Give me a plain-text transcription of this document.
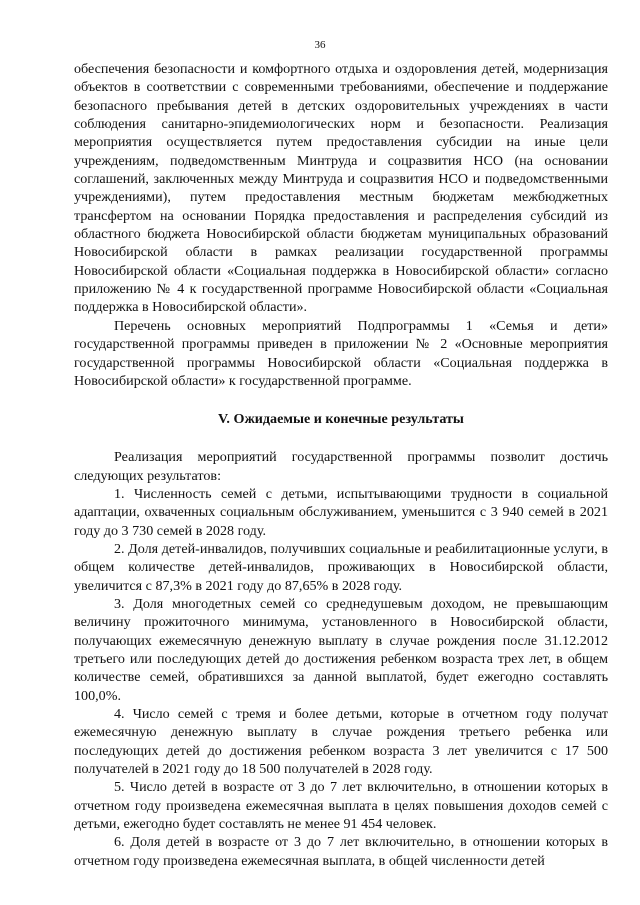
36

обеспечения безопасности и комфортного отдыха и оздоровления детей, модернизация объектов в соответствии с современными требованиями, обеспечение и поддержание безопасного пребывания детей в детских оздоровительных учреждениях в части соблюдения санитарно-эпидемиологических норм и безопасности. Реализация мероприятия осуществляется путем предоставления субсидии на иные цели учреждениям, подведомственным Минтруда и соцразвития НСО (на основании соглашений, заключенных между Минтруда и соцразвития НСО и подведомственными учреждениями), путем предоставления местным бюджетам межбюджетных трансфертом на основании Порядка предоставления и распределения субсидий из областного бюджета Новосибирской области бюджетам муниципальных образований Новосибирской области в рамках реализации государственной программы Новосибирской области «Социальная поддержка в Новосибирской области» согласно приложению № 4 к государственной программе Новосибирской области «Социальная поддержка в Новосибирской области».

Перечень основных мероприятий Подпрограммы 1 «Семья и дети» государственной программы приведен в приложении № 2 «Основные мероприятия государственной программы Новосибирской области «Социальная поддержка в Новосибирской области» к государственной программе.

V. Ожидаемые и конечные результаты

Реализация мероприятий государственной программы позволит достичь следующих результатов:

1. Численность семей с детьми, испытывающими трудности в социальной адаптации, охваченных социальным обслуживанием, уменьшится с 3 940 семей в 2021 году до 3 730 семей в 2028 году.

2. Доля детей-инвалидов, получивших социальные и реабилитационные услуги, в общем количестве детей-инвалидов, проживающих в Новосибирской области, увеличится с 87,3% в 2021 году до 87,65% в 2028 году.

3. Доля многодетных семей со среднедушевым доходом, не превышающим величину прожиточного минимума, установленного в Новосибирской области, получающих ежемесячную денежную выплату в случае рождения после 31.12.2012 третьего или последующих детей до достижения ребенком возраста трех лет, в общем количестве семей, обратившихся за данной выплатой, будет ежегодно составлять 100,0%.

4. Число семей с тремя и более детьми, которые в отчетном году получат ежемесячную денежную выплату в случае рождения третьего ребенка или последующих детей до достижения ребенком возраста 3 лет увеличится с 17 500 получателей в 2021 году до 18 500 получателей в 2028 году.

5. Число детей в возрасте от 3 до 7 лет включительно, в отношении которых в отчетном году произведена ежемесячная выплата в целях повышения доходов семей с детьми, ежегодно будет составлять не менее 91 454 человек.

6. Доля детей в возрасте от 3 до 7 лет включительно, в отношении которых в отчетном году произведена ежемесячная выплата, в общей численности детей
